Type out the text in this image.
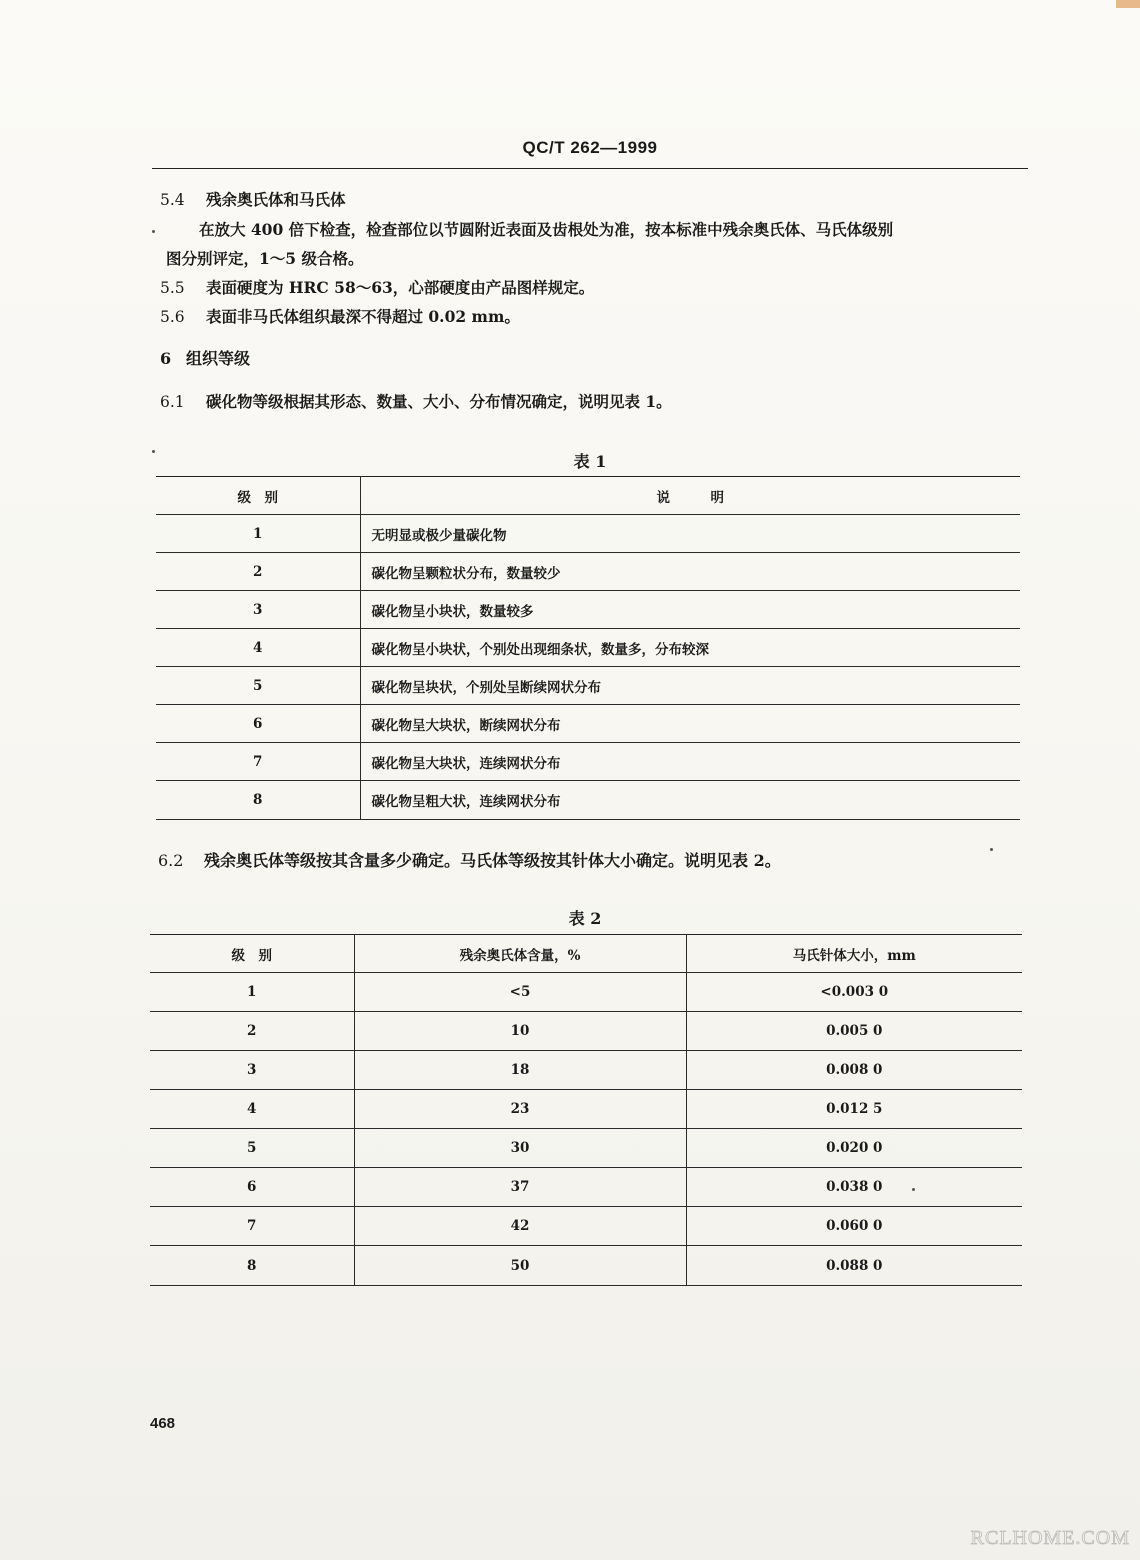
QC/T 262—1999
5.4 残余奥氏体和马氏体
在放大 400 倍下检查，检查部位以节圆附近表面及齿根处为准，按本标准中残余奥氏体、马氏体级别
图分别评定，1～5 级合格。
5.5 表面硬度为 HRC 58～63，心部硬度由产品图样规定。
5.6 表面非马氏体组织最深不得超过 0.02 mm。
6 组织等级
6.1 碳化物等级根据其形态、数量、大小、分布情况确定，说明见表 1。
表 1
级　别	说　　　明
1	无明显或极少量碳化物
2	碳化物呈颗粒状分布，数量较少
3	碳化物呈小块状，数量较多
4	碳化物呈小块状，个别处出现细条状，数量多，分布较深
5	碳化物呈块状，个别处呈断续网状分布
6	碳化物呈大块状，断续网状分布
7	碳化物呈大块状，连续网状分布
8	碳化物呈粗大状，连续网状分布
6.2 残余奥氏体等级按其含量多少确定。马氏体等级按其针体大小确定。说明见表 2。
表 2
级　别	残余奥氏体含量，%	马氏针体大小，mm
1	<5	<0.003 0
2	10	0.005 0
3	18	0.008 0
4	23	0.012 5
5	30	0.020 0
6	37	0.038 0
7	42	0.060 0
8	50	0.088 0
468
RCLHOME.COM
